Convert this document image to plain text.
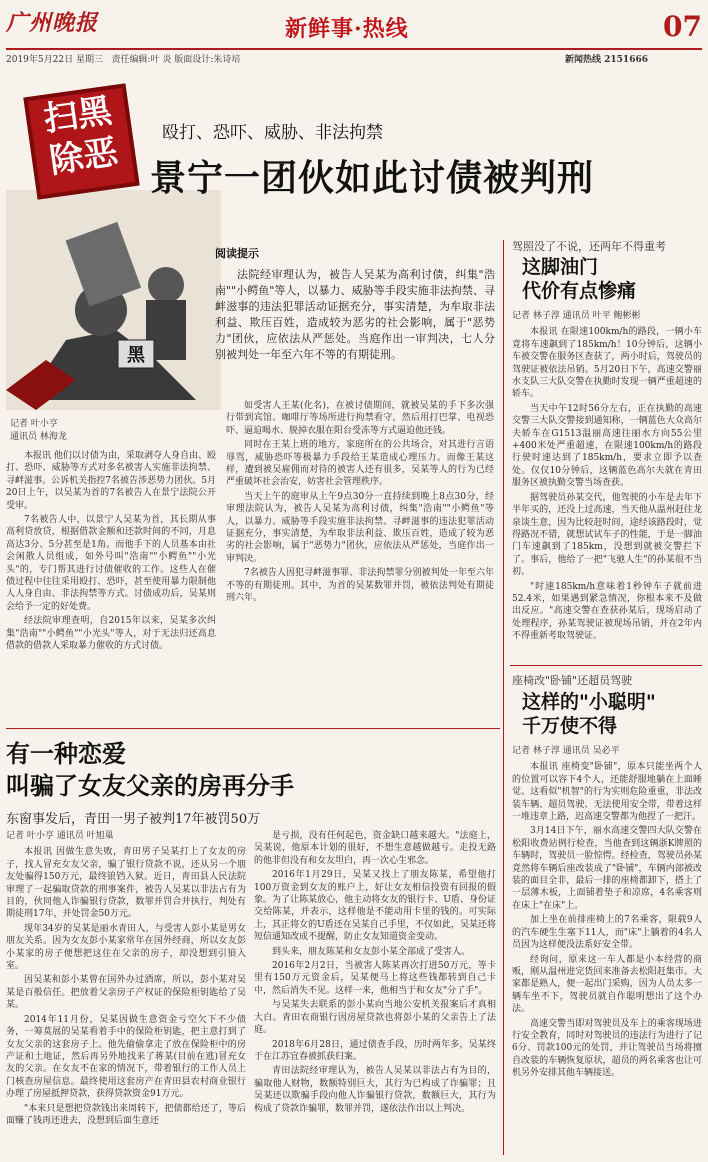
广州晚报	新鲜事·热线	07
2019年5月22日 星期三 责任编辑:叶 炎 版面设计:朱诗培	新闻热线 2151666
黑
扫黑除恶	殴打、恐吓、威胁、非法拘禁
景宁一团伙如此讨债被判刑
记者 叶小亨
通讯员 林海龙
阅读提示
法院经审理认为，被告人吴某为高利讨债，纠集"浩南""小鳄鱼"等人，以暴力、威胁等手段实施非法拘禁、寻衅滋事的违法犯罪活动证据充分，事实清楚，为牟取非法利益、欺压百姓，造成较为恶劣的社会影响，属于"恶势力"团伙，应依法从严惩处。当庭作出一审判决，七人分别被判处一年至六年不等的有期徒刑。

本报讯 他们以讨债为由，采取剥夺人身自由、殴打、恐吓、威胁等方式对多名被害人实施非法拘禁、寻衅滋事。公诉机关指控7名被告涉恶势力团伙。5月20日上午，以吴某为首的7名被告人在景宁法院公开受审。

7名被告人中，以景宁人吴某为首，其长期从事高利贷放贷，根据借款金额和还款时间的不同，月息高达3分、5分甚至是1角。而他手下的人员基本由社会闲散人员组成，如外号叫"浩南""小鳄鱼""小光头"的，专门帮其进行讨债催收的工作。这些人在催债过程中往往采用殴打、恐吓，甚至使用暴力限制他人人身自由、非法拘禁等方式。讨债成功后，吴某则会给予一定的好处费。

经法院审理查明，自2015年以来，吴某多次纠集"浩南""小鳄鱼""小光头"等人，对于无法归还高息借款的借款人采取暴力催收的方式讨债。

如受害人王某(化名)，在被讨债期间，就被吴某的手下多次强行带到宾馆、咖啡厅等场所进行拘禁看守，然后用打巴掌、电视恐吓、逼迫喝水、脱掉衣服在阳台受冻等方式逼迫他还钱。

同时在王某上班的地方，家庭所在的公共场合，对其进行言语辱骂，威胁恐吓等极暴力手段给王某造成心理压力。而像王某这样，遭到被吴雇佣而对待的被害人还有很多，吴某等人的行为已经严重破坏社会治安，妨害社会管理秩序。

当天上午的庭审从上午9点30分一直持续到晚上8点30分，经审理法院认为，被告人吴某为高利讨债，纠集"浩南""小鳄鱼"等人，以暴力、威胁等手段实施非法拘禁、寻衅滋事的违法犯罪活动证据充分，事实清楚，为牟取非法利益、欺压百姓，造成了较为恶劣的社会影响，属于"恶势力"团伙，应依法从严惩处，当庭作出一审判决。

7名被告人因犯寻衅滋事罪、非法拘禁罪分别被判处一年至六年不等的有期徒刑。其中，为首的吴某数罪并罚，被依法判处有期徒刑六年。

驾照没了不说，还两年不得重考
这脚油门
代价有点惨痛
记者 林子淳 通讯员 叶平 鲍彬彬

本报讯 在限速100km/h的路段，一辆小车竟将车速飙到了185km/h！10分钟后，这辆小车被交警在服务区查获了，两小时后，驾驶员的驾驶证被依法吊销。5月20日下午，高速交警丽水支队三大队交警在执勤时发现一辆严重超速的轿车。

当天中午12时56分左右，正在执勤的高速交警三大队交警接到通知称，一辆蓝色大众高尔夫轿车在G1513温丽高速往丽水方向55公里+400米处严重超速，在限速100km/h的路段行驶时速达到了185km/h，要求立即予以查处。仅仅10分钟后，这辆蓝色高尔夫就在青田服务区被执勤交警当场查获。

据驾驶员孙某交代，他驾驶的小车是去年下半年买的，还没上过高速，当天他从温州赶往龙泉谈生意，因为比较赶时间，途经该路段时，觉得路况不错，就想试试车子的性能，于是一脚油门车速飙到了185km，没想到就被交警拦下了。事后，他给了一把"飞驰人生"的孙某很不当初。

"时速185km/h意味着1秒钟车子就前进52.4米，如果遇到紧急情况，你根本来不及做出反应。"高速交警在查获孙某后，现场启动了处理程序，孙某驾驶证被现场吊销，并在2年内不得重新考取驾驶证。

座椅改"卧铺"还超员驾驶
这样的"小聪明"
千万使不得
记者 林子淳 通讯员 吴必平

本报讯 座椅变"卧铺"，原本只能坐两个人的位置可以容下4个人，还能舒服地躺在上面睡觉。这看似"机智"的行为实则危险重重，非法改装车辆、超员驾驶、无法使用安全带，带着这样一堆违章上路，迟高速交警都为他捏了一把汗。

3月14日下午，丽水高速交警四大队交警在松阳收费站例行检查，当他查到这辆浙K牌照的车辆时，驾驶员一脸惊愕。经检查，驾驶员孙某竟然将车辆后座改装成了"卧铺"，车辆内部被改装的面目全非，最后一排的座椅都卸下，搭上了一层薄木板，上面铺着垫子和凉席，4名乘客则在床上"在床"上。

加上坐在前排座椅上的7名乘客，限载9人的汽车硬生生塞下11人，而"床"上躺着的4名人员因为这样便没法系好安全带。

经询问，原来这一车人都是小本经营的商贩，刚从温州进完货回来准备去松阳赶集市。大家都是熟人，便一起出门采购，因为人员太多一辆车坐不下，驾驶员就自作聪明想出了这个办法。

高速交警当即对驾驶员及车上的乘客现场进行安全教育，同时对驾驶员的违法行为进行了记6分、罚款100元的处罚，并让驾驶员当场将擅自改装的车辆恢复原状，超员的两名乘客也让可机另外安排其他车辆接送。

有一种恋爱
叫骗了女友父亲的房再分手
东窗事发后，青田一男子被判17年被罚50万
记者 叶小亨 通讯员 叶旭巢

本报讯 因做生意失败，青田男子吴某打上了女友的房子，找人冒充女友父亲，骗了银行贷款不说，还从另一个朋友处骗得150万元，最终锒铛入狱。近日，青田县人民法院审理了一起骗取贷款的刑事案件，被告人吴某以非法占有为目的，伙同他人诈骗银行贷款，数罪并罚合并执行，判处有期徒刑17年，并处罚金50万元。

现年34岁的吴某是丽水青田人，与受害人彭小某是男女朋友关系。因为女友彭小某家常年在国外经商，所以女友彭小某家的房子便想把这住在父亲的房子，却没想到引狼入室。

因吴某和彭小某曾在国外办过酒席，所以，彭小某对吴某是百般信任。把放着父亲房子产权证的保险柜钥匙给了吴某。

2014年11月份，吴某因做生意资金亏空欠下不少债务，一筹莫展的吴某看着手中的保险柜钥匙，把主意打到了女友父亲的这套房子上。他先偷偷拿走了放在保险柜中的房产证和土地证，然后再另外地找来了蒋某(目前在逃)冒充女友的父亲。在女友不在家的情况下，带着银行的工作人员上门核查房屋信息。最终使用这套房产在青田县农村商业银行办理了房屋抵押贷款，获得贷款资金91万元。

"本来只是想把贷款钱出来周转下，把债都给还了，等后面赚了钱再还进去，没想到后面生意还

是亏损，没有任何起色，资金缺口越来越大。"法庭上，吴某说，他原本计划的很好，不想生意越做越亏。走投无路的他非但没有和女友坦白，再一次心生邪念。

2016年1月29日，吴某又找上了朋友陈某，希望他打100万资金到女友的账户上，好让女友相信投资有回报的假象。为了让陈某放心，他主动将女友的银行卡、U盾、身份证交给陈某，并表示，这样他是不能动用卡里的钱的。可实际上，其正将女的U盾还在吴某自己手里，不仅如此，吴某还将短信通知改成不提醒，防止女友知道资金变动。

到头来，朋友陈某和女友彭小某全部成了受害人。

2016年2月2日，当被害人陈某再次打进50万元，等卡里有150万元资金后，吴某便马上将这些钱都转到自己卡中，然后消失不见。这样一来，他相当于和女友"分了手"。

与吴某失去联系的彭小某向当地公安机关报案后才真相大白。青田农商银行因房屋贷款也将彭小某的父亲告上了法庭。

2018年6月28日，通过债查手段，历时两年多，吴某终于在江苏宜春被抓获归案。

青田法院经审理认为，被告人吴某以非法占有为目的，骗取他人财物，数额特别巨大，其行为已构成了诈骗罪；且吴某还以欺骗手段向他人诈骗银行贷款，数额巨大，其行为构成了贷款诈骗罪，数罪并罚，遂依法作出以上判决。
